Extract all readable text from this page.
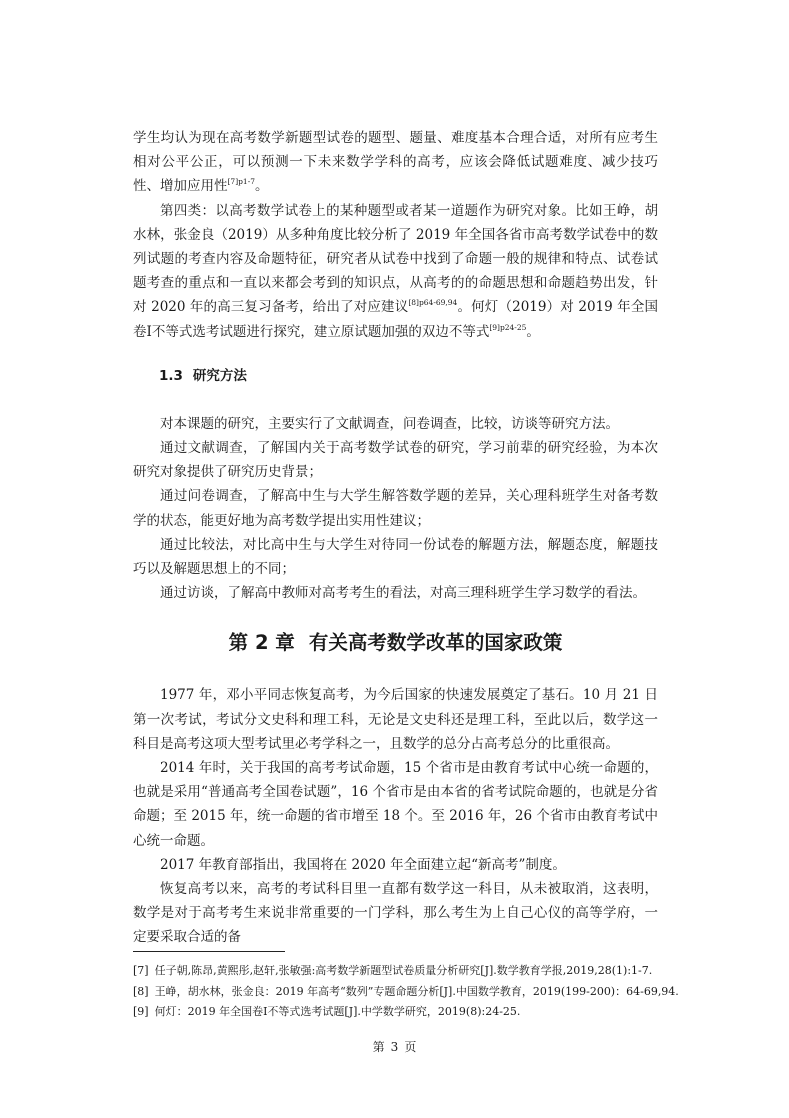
学生均认为现在高考数学新题型试卷的题型、题量、难度基本合理合适，对所有应考生相对公平公正，可以预测一下未来数学学科的高考，应该会降低试题难度、减少技巧性、增加应用性$^{[7]p1-7}$。

第四类：以高考数学试卷上的某种题型或者某一道题作为研究对象。比如王峥，胡水林，张金良（2019）从多种角度比较分析了 2019 年全国各省市高考数学试卷中的数列试题的考查内容及命题特征，研究者从试卷中找到了命题一般的规律和特点、试卷试题考查的重点和一直以来都会考到的知识点，从高考的的命题思想和命题趋势出发，针对 2020 年的高三复习备考，给出了对应建议$^{[8]p64-69,94}$。何灯（2019）对 2019 年全国卷Ⅰ不等式选考试题进行探究，建立原试题加强的双边不等式$^{[9]p24-25}$。

1.3 研究方法

对本课题的研究，主要实行了文献调查，问卷调查，比较，访谈等研究方法。

通过文献调查，了解国内关于高考数学试卷的研究，学习前辈的研究经验，为本次研究对象提供了研究历史背景；

通过问卷调查，了解高中生与大学生解答数学题的差异，关心理科班学生对备考数学的状态，能更好地为高考数学提出实用性建议；

通过比较法，对比高中生与大学生对待同一份试卷的解题方法，解题态度，解题技巧以及解题思想上的不同；

通过访谈，了解高中教师对高考考生的看法，对高三理科班学生学习数学的看法。

第 2 章 有关高考数学改革的国家政策

1977 年，邓小平同志恢复高考，为今后国家的快速发展奠定了基石。10 月 21 日第一次考试，考试分文史科和理工科，无论是文史科还是理工科，至此以后，数学这一科目是高考这项大型考试里必考学科之一，且数学的总分占高考总分的比重很高。

2014 年时，关于我国的高考考试命题，15 个省市是由教育考试中心统一命题的，也就是采用“普通高考全国卷试题”，16 个省市是由本省的省考试院命题的，也就是分省命题；至 2015 年，统一命题的省市增至 18 个。至 2016 年，26 个省市由教育考试中心统一命题。

2017 年教育部指出，我国将在 2020 年全面建立起“新高考”制度。

恢复高考以来，高考的考试科目里一直都有数学这一科目，从未被取消，这表明，数学是对于高考考生来说非常重要的一门学科，那么考生为上自己心仪的高等学府，一定要采取合适的备

[7] 任子朝,陈昂,黄熙彤,赵轩,张敏强:高考数学新题型试卷质量分析研究[J].数学教育学报,2019,28(1):1-7.
[8] 王峥，胡水林，张金良：2019 年高考“数列”专题命题分析[J].中国数学教育，2019(199-200)：64-69,94.
[9] 何灯：2019 年全国卷Ⅰ不等式选考试题[J].中学数学研究，2019(8):24-25.
第 3 页
